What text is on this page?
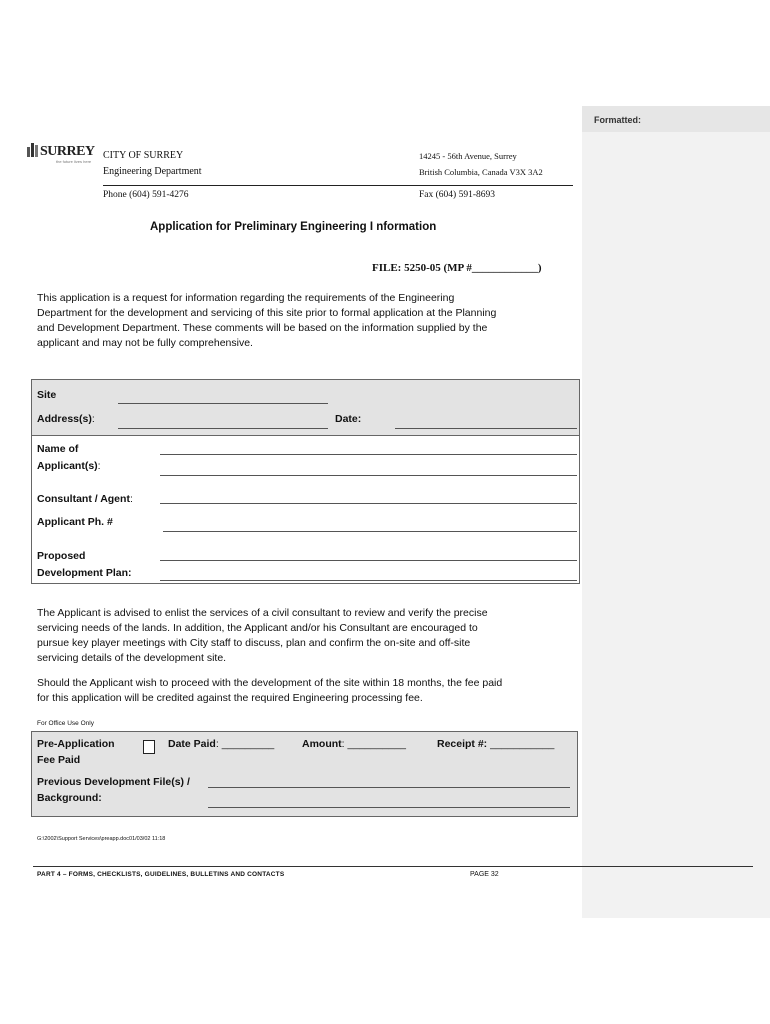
Formatted:
SURREY
the future lives here
CITY OF SURREY
Engineering Department
14245 - 56th Avenue, Surrey
British Columbia, Canada V3X 3A2
Phone (604) 591-4276	Fax (604) 591-8693
Application for Preliminary Engineering I nformation
FILE: 5250-05 (MP #____________)
This application is a request for information regarding the requirements of the Engineering
Department for the development and servicing of this site prior to formal application at the Planning
and Development Department. These comments will be based on the information supplied by the
applicant and may not be fully comprehensive.
Site
Address(s):	Date:
Name of
Applicant(s):
Consultant / Agent:
Applicant Ph. #
Proposed
Development Plan:
The Applicant is advised to enlist the services of a civil consultant to review and verify the precise
servicing needs of the lands. In addition, the Applicant and/or his Consultant are encouraged to
pursue key player meetings with City staff to discuss, plan and confirm the on-site and off-site
servicing details of the development site.
Should the Applicant wish to proceed with the development of the site within 18 months, the fee paid
for this application will be credited against the required Engineering processing fee.
For Office Use Only
Pre-Application
Fee Paid
Date Paid: _________	Amount: __________	Receipt #: ___________
Previous Development File(s) /
Background:
G:\2002\Support Services\preapp.doc01/03/02 11:18
PART 4 – FORMS, CHECKLISTS, GUIDELINES, BULLETINS AND CONTACTS	PAGE 32
